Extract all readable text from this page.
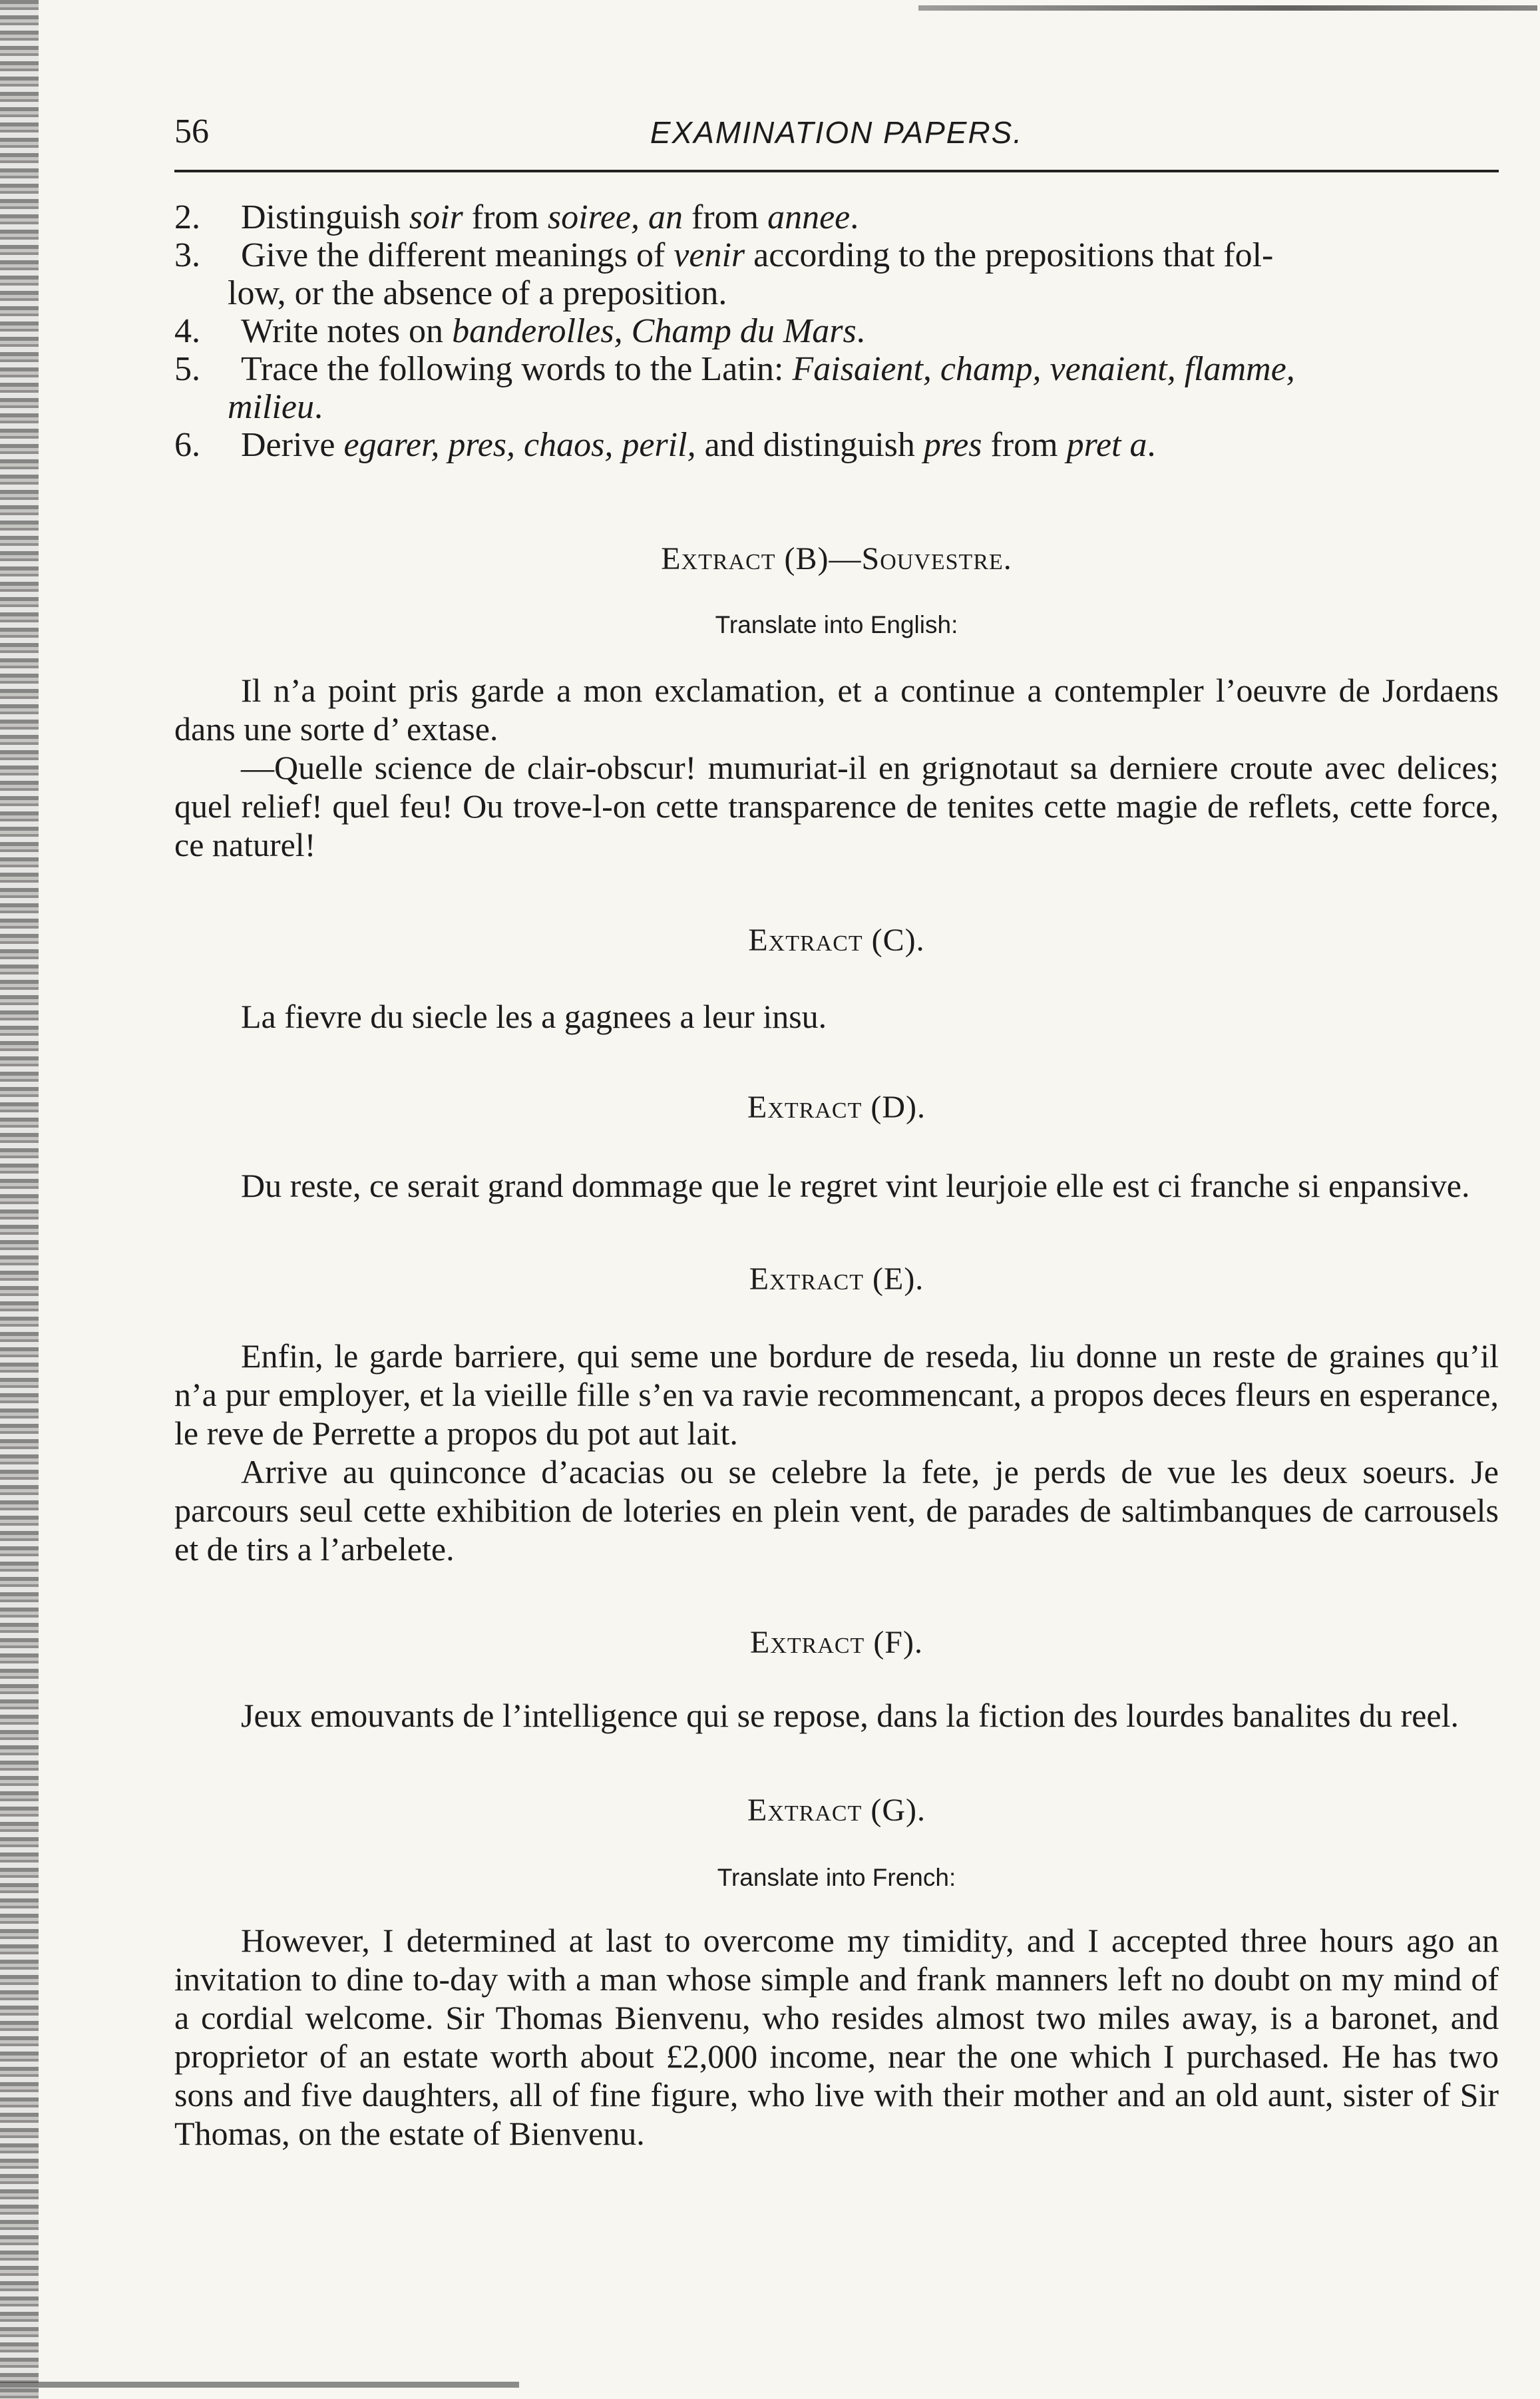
56	EXAMINATION PAPERS.

2. Distinguish soir from soiree, an from annee.

3. Give the different meanings of venir according to the prepositions that fol-
low, or the absence of a preposition.

4. Write notes on banderolles, Champ du Mars.

5. Trace the following words to the Latin: Faisaient, champ, venaient, flamme,
milieu.

6. Derive egarer, pres, chaos, peril, and distinguish pres from pret a.

Extract (B)—Souvestre.
Translate into English:

Il n’a point pris garde a mon exclamation, et a continue a contempler l’oeuvre de Jordaens dans une sorte d’ extase.

—Quelle science de clair-obscur! mumuriat-il en grignotaut sa derniere croute avec delices; quel relief! quel feu! Ou trove-l-on cette transparence de tenites cette magie de reflets, cette force, ce naturel!

Extract (C).

La fievre du siecle les a gagnees a leur insu.

Extract (D).

Du reste, ce serait grand dommage que le regret vint leurjoie elle est ci franche si enpansive.

Extract (E).

Enfin, le garde barriere, qui seme une bordure de reseda, liu donne un reste de graines qu’il n’a pur employer, et la vieille fille s’en va ravie recommencant, a propos deces fleurs en esperance, le reve de Perrette a propos du pot aut lait.

Arrive au quinconce d’acacias ou se celebre la fete, je perds de vue les deux soeurs. Je parcours seul cette exhibition de loteries en plein vent, de parades de saltimbanques de carrousels et de tirs a l’arbelete.

Extract (F).

Jeux emouvants de l’intelligence qui se repose, dans la fiction des lourdes banalites du reel.

Extract (G).
Translate into French:

However, I determined at last to overcome my timidity, and I accepted three hours ago an invitation to dine to-day with a man whose simple and frank manners left no doubt on my mind of a cordial welcome. Sir Thomas Bienvenu, who resides almost two miles away, is a baronet, and proprietor of an estate worth about £2,000 income, near the one which I purchased. He has two sons and five daughters, all of fine figure, who live with their mother and an old aunt, sister of Sir Thomas, on the estate of Bienvenu.
